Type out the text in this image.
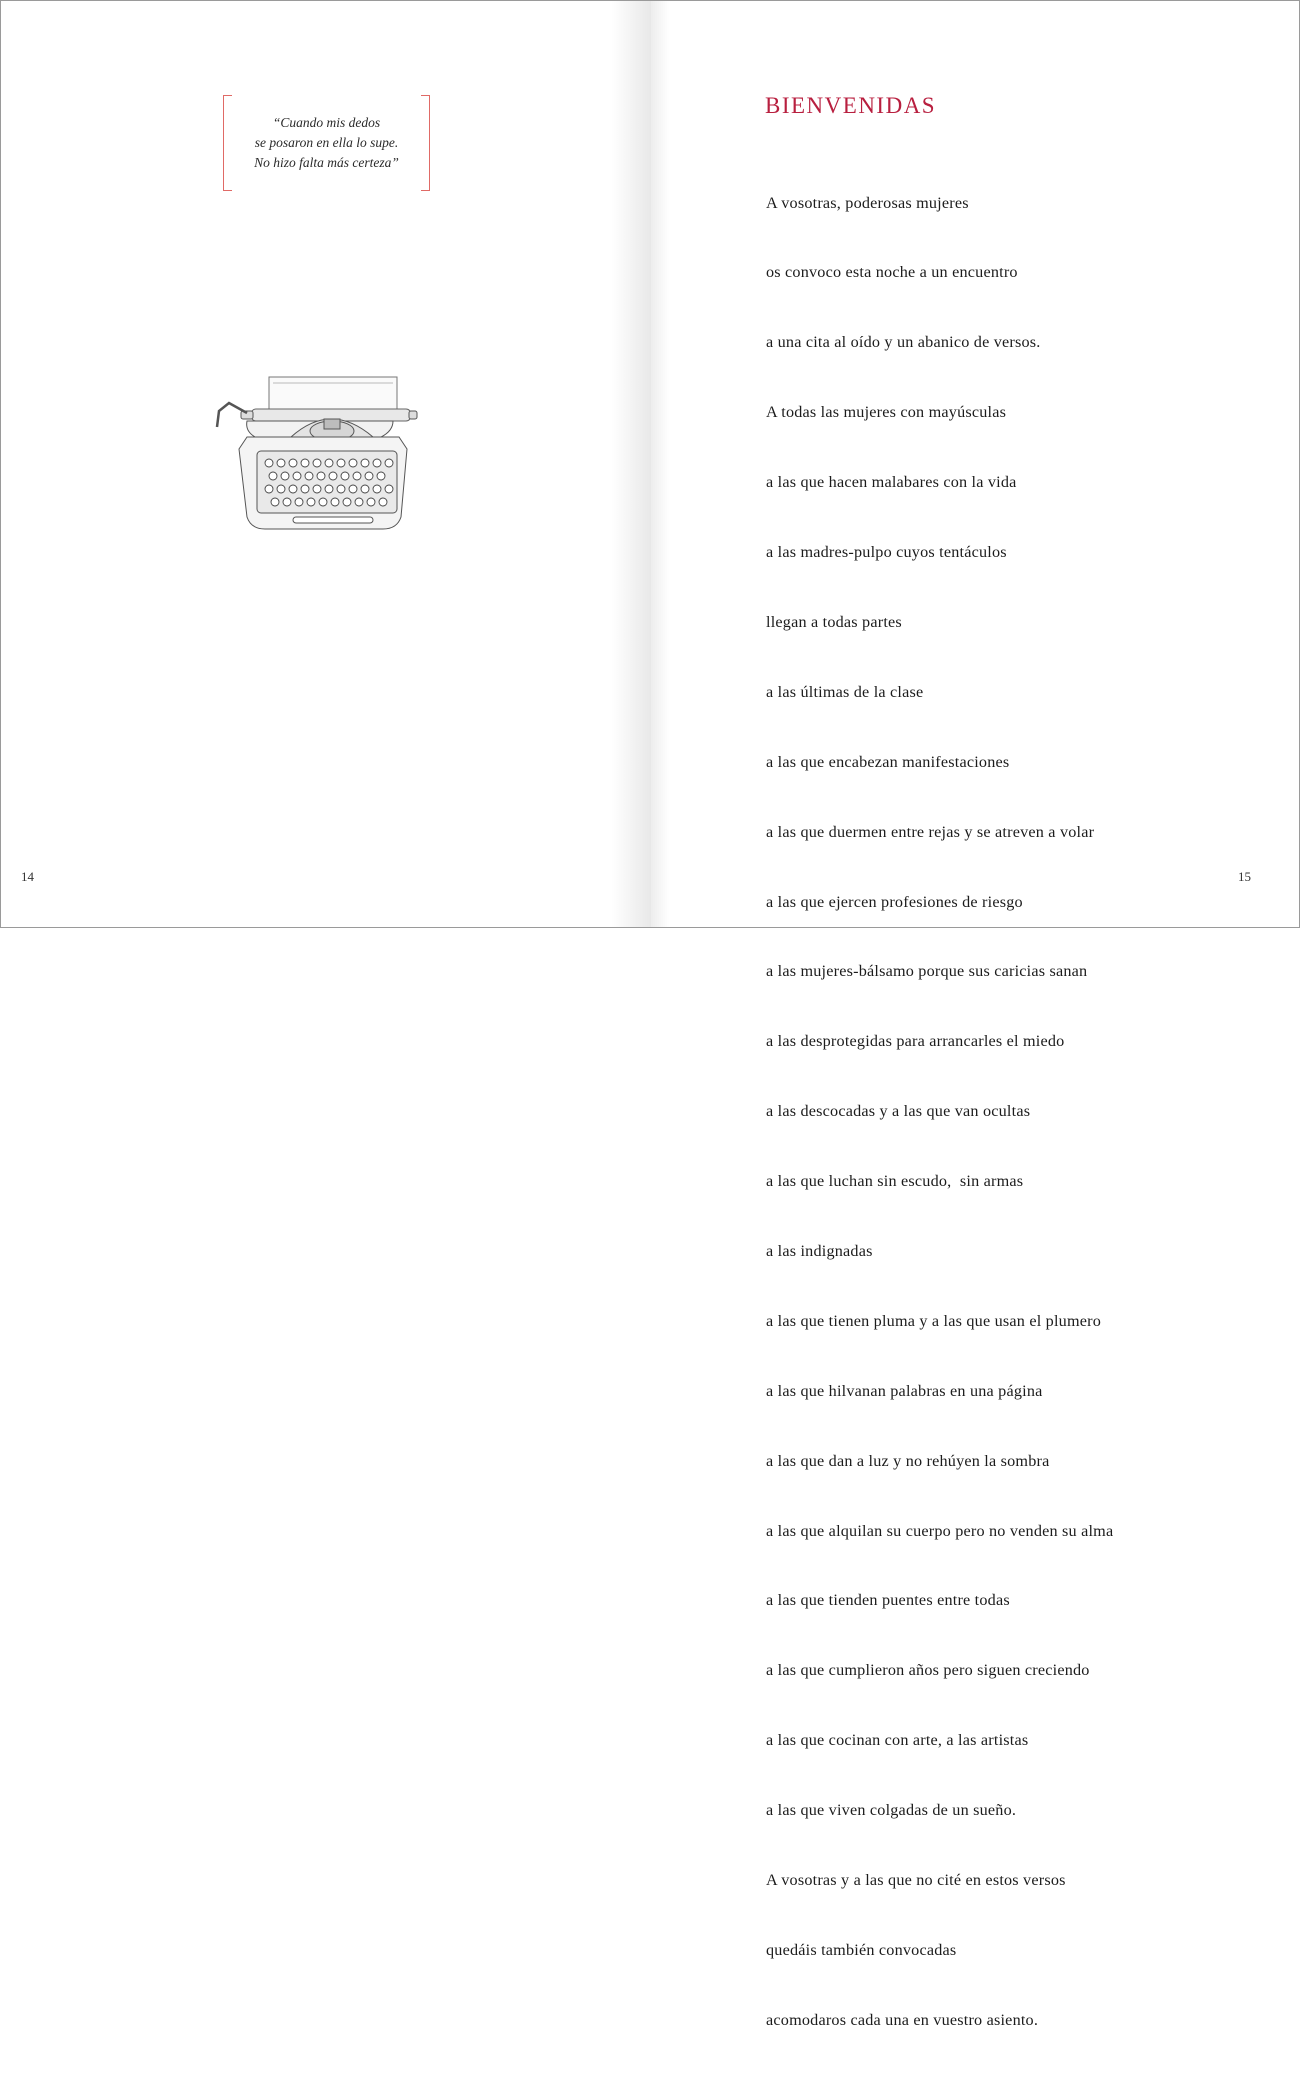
“Cuando mis dedos
se posaron en ella lo supe.
No hizo falta más certeza”
14
BIENVENIDAS

A vosotras, poderosas mujeres

os convoco esta noche a un encuentro

a una cita al oído y un abanico de versos.

A todas las mujeres con mayúsculas

a las que hacen malabares con la vida

a las madres-pulpo cuyos tentáculos

llegan a todas partes

a las últimas de la clase

a las que encabezan manifestaciones

a las que duermen entre rejas y se atreven a volar

a las que ejercen profesiones de riesgo

a las mujeres-bálsamo porque sus caricias sanan

a las desprotegidas para arrancarles el miedo

a las descocadas y a las que van ocultas

a las que luchan sin escudo,  sin armas

a las indignadas

a las que tienen pluma y a las que usan el plumero

a las que hilvanan palabras en una página

a las que dan a luz y no rehúyen la sombra

a las que alquilan su cuerpo pero no venden su alma

a las que tienden puentes entre todas

a las que cumplieron años pero siguen creciendo

a las que cocinan con arte, a las artistas

a las que viven colgadas de un sueño.

A vosotras y a las que no cité en estos versos

quedáis también convocadas

acomodaros cada una en vuestro asiento.

15
